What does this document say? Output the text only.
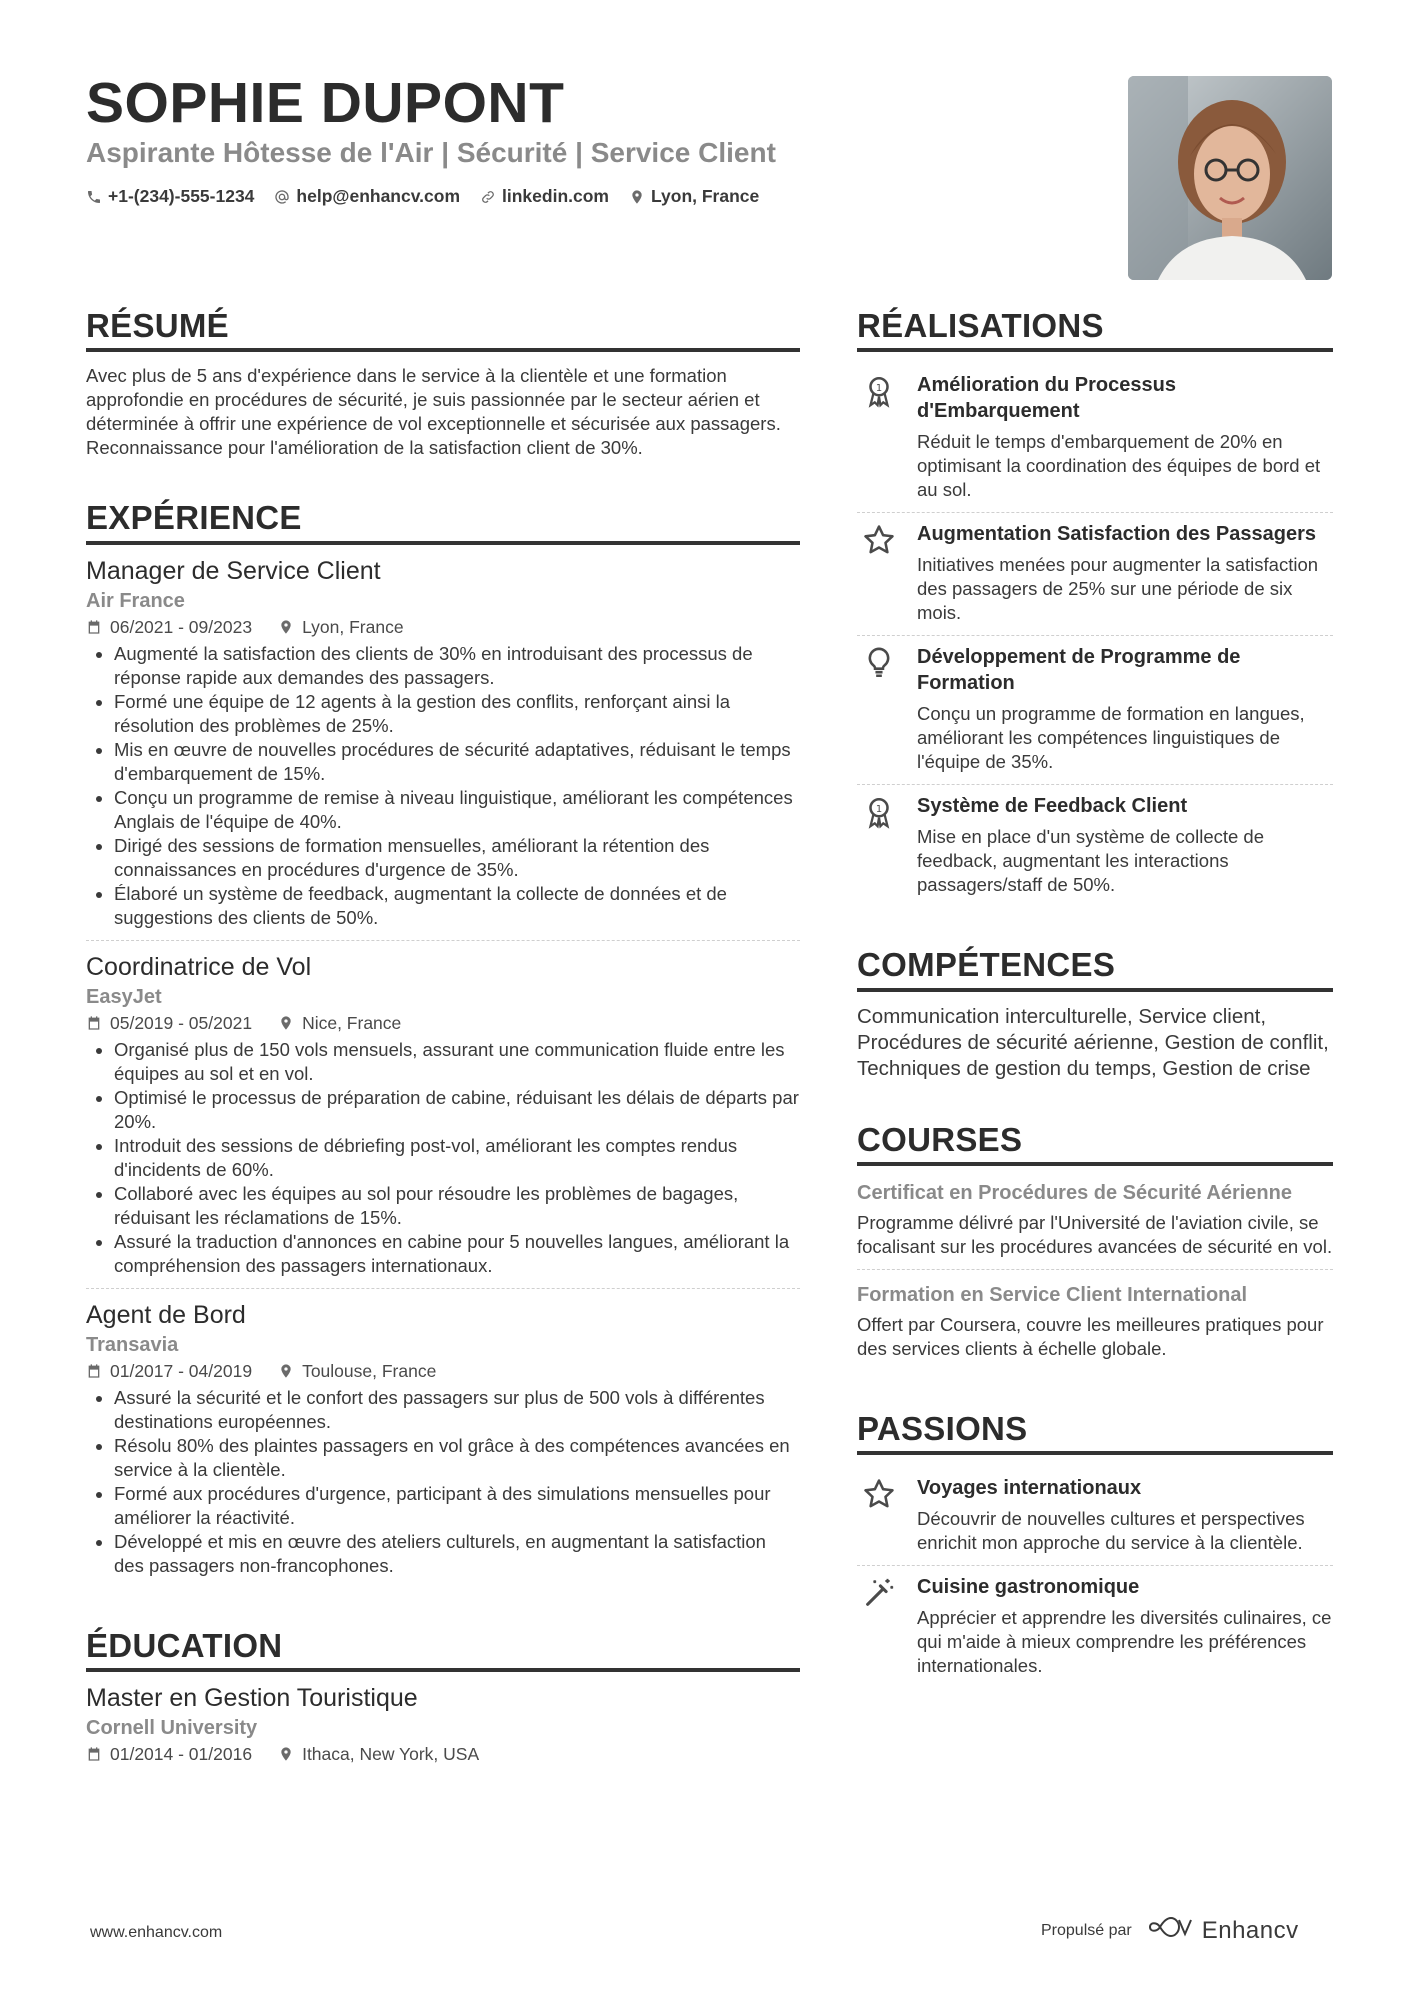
SOPHIE DUPONT
Aspirante Hôtesse de l'Air | Sécurité | Service Client
+1-(234)-555-1234 help@enhancv.com linkedin.com Lyon, France
RÉSUMÉ

Avec plus de 5 ans d'expérience dans le service à la clientèle et une formation approfondie en procédures de sécurité, je suis passionnée par le secteur aérien et déterminée à offrir une expérience de vol exceptionnelle et sécurisée aux passagers. Reconnaissance pour l'amélioration de la satisfaction client de 30%.

EXPÉRIENCE
Manager de Service Client
Air France
06/2021 - 09/2023	Lyon, France
• Augmenté la satisfaction des clients de 30% en introduisant des processus de réponse rapide aux demandes des passagers.
• Formé une équipe de 12 agents à la gestion des conflits, renforçant ainsi la résolution des problèmes de 25%.
• Mis en œuvre de nouvelles procédures de sécurité adaptatives, réduisant le temps d'embarquement de 15%.
• Conçu un programme de remise à niveau linguistique, améliorant les compétences Anglais de l'équipe de 40%.
• Dirigé des sessions de formation mensuelles, améliorant la rétention des connaissances en procédures d'urgence de 35%.
• Élaboré un système de feedback, augmentant la collecte de données et de suggestions des clients de 50%.
Coordinatrice de Vol
EasyJet
05/2019 - 05/2021	Nice, France
• Organisé plus de 150 vols mensuels, assurant une communication fluide entre les équipes au sol et en vol.
• Optimisé le processus de préparation de cabine, réduisant les délais de départs par 20%.
• Introduit des sessions de débriefing post-vol, améliorant les comptes rendus d'incidents de 60%.
• Collaboré avec les équipes au sol pour résoudre les problèmes de bagages, réduisant les réclamations de 15%.
• Assuré la traduction d'annonces en cabine pour 5 nouvelles langues, améliorant la compréhension des passagers internationaux.
Agent de Bord
Transavia
01/2017 - 04/2019	Toulouse, France
• Assuré la sécurité et le confort des passagers sur plus de 500 vols à différentes destinations européennes.
• Résolu 80% des plaintes passagers en vol grâce à des compétences avancées en service à la clientèle.
• Formé aux procédures d'urgence, participant à des simulations mensuelles pour améliorer la réactivité.
• Développé et mis en œuvre des ateliers culturels, en augmentant la satisfaction des passagers non-francophones.
ÉDUCATION
Master en Gestion Touristique
Cornell University
01/2014 - 01/2016	Ithaca, New York, USA
RÉALISATIONS
1 Amélioration du Processus d'Embarquement
Réduit le temps d'embarquement de 20% en optimisant la coordination des équipes de bord et au sol.
Augmentation Satisfaction des Passagers
Initiatives menées pour augmenter la satisfaction des passagers de 25% sur une période de six mois.
Développement de Programme de Formation
Conçu un programme de formation en langues, améliorant les compétences linguistiques de l'équipe de 35%.
1 Système de Feedback Client
Mise en place d'un système de collecte de feedback, augmentant les interactions passagers/staff de 50%.
COMPÉTENCES

Communication interculturelle, Service client, Procédures de sécurité aérienne, Gestion de conflit, Techniques de gestion du temps, Gestion de crise

COURSES
Certificat en Procédures de Sécurité Aérienne
Programme délivré par l'Université de l'aviation civile, se focalisant sur les procédures avancées de sécurité en vol.
Formation en Service Client International
Offert par Coursera, couvre les meilleures pratiques pour des services clients à échelle globale.
PASSIONS
Voyages internationaux
Découvrir de nouvelles cultures et perspectives enrichit mon approche du service à la clientèle.
Cuisine gastronomique
Apprécier et apprendre les diversités culinaires, ce qui m'aide à mieux comprendre les préférences internationales.
www.enhancv.com	Propulsé par	Enhancv
